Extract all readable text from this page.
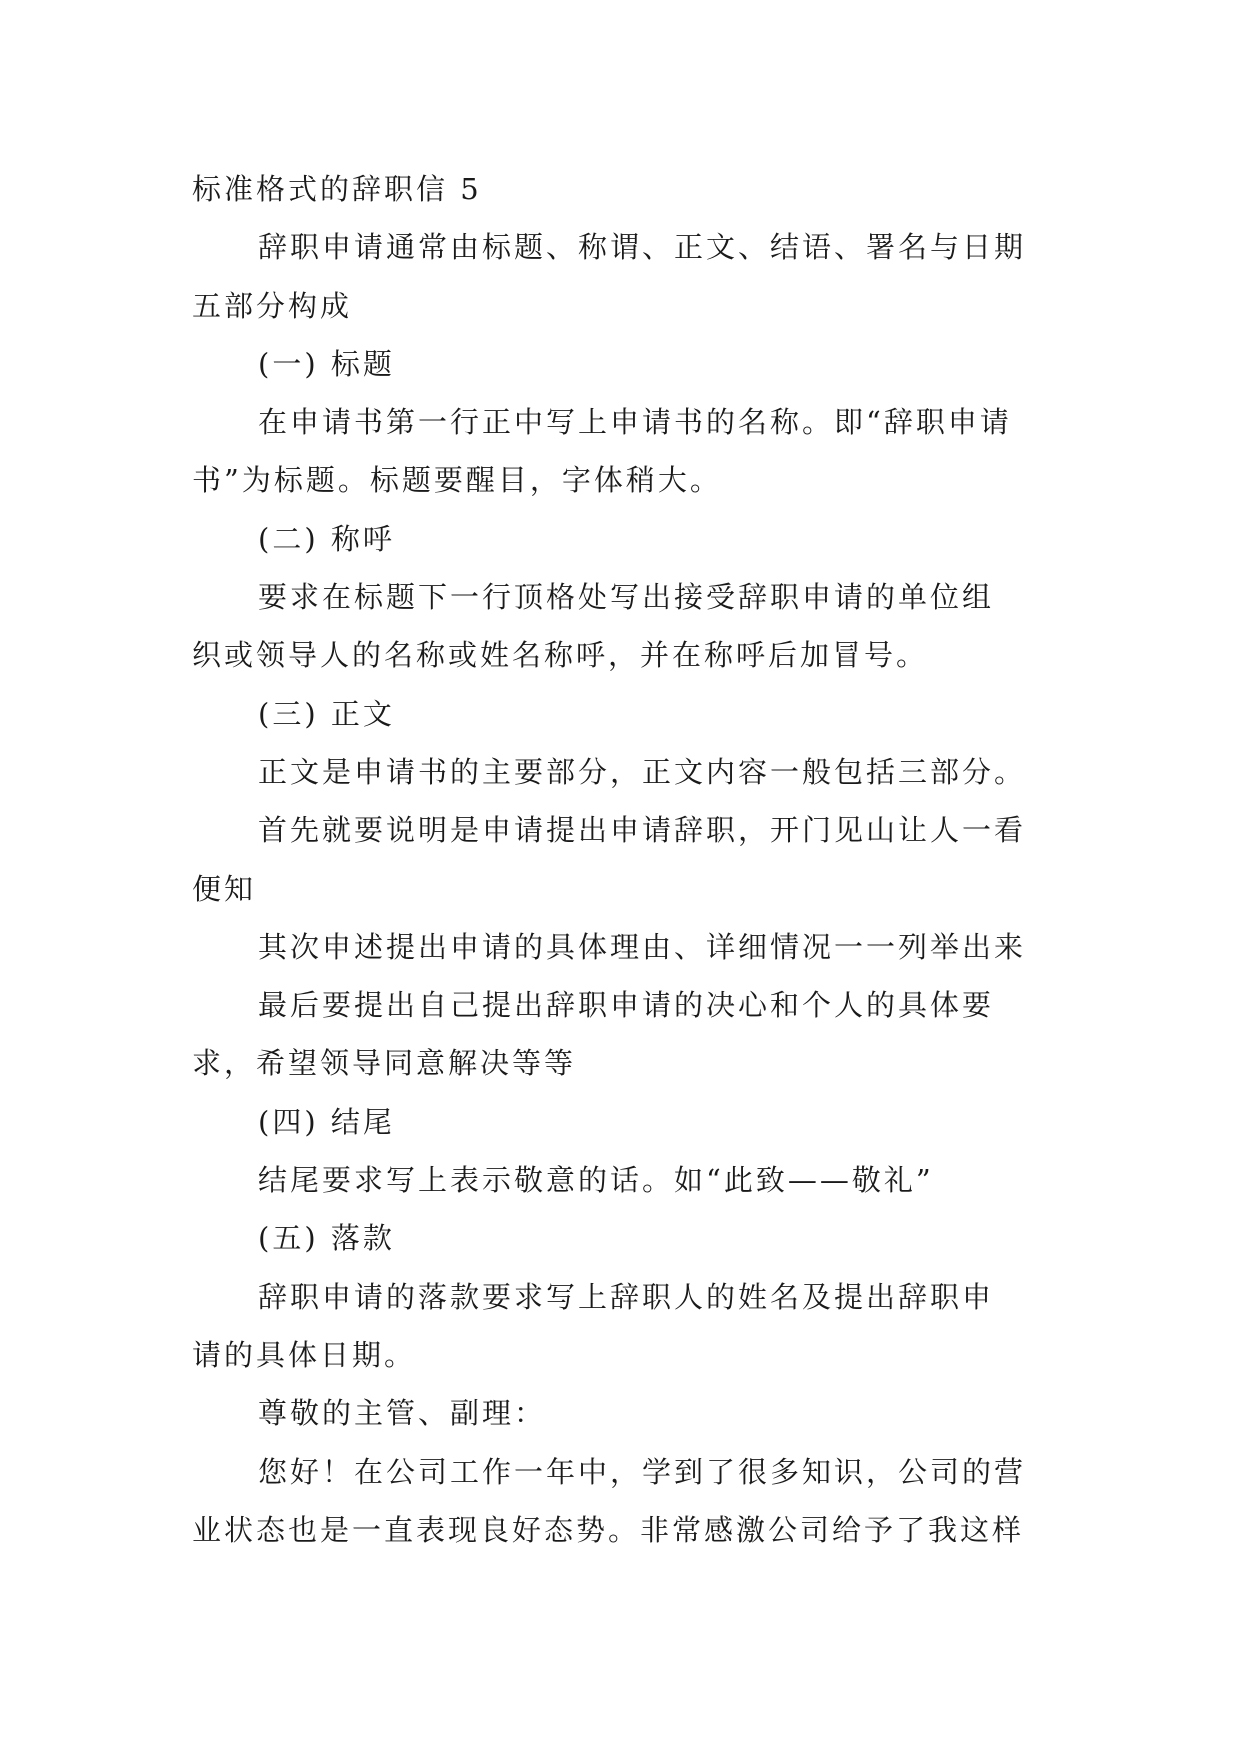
标准格式的辞职信 5
辞职申请通常由标题、称谓、正文、结语、署名与日期
五部分构成
(一) 标题
在申请书第一行正中写上申请书的名称。即“辞职申请
书”为标题。标题要醒目，字体稍大。
(二) 称呼
要求在标题下一行顶格处写出接受辞职申请的单位组
织或领导人的名称或姓名称呼，并在称呼后加冒号。
(三) 正文
正文是申请书的主要部分，正文内容一般包括三部分。
首先就要说明是申请提出申请辞职，开门见山让人一看
便知
其次申述提出申请的具体理由、详细情况一一列举出来
最后要提出自己提出辞职申请的决心和个人的具体要
求，希望领导同意解决等等
(四) 结尾
结尾要求写上表示敬意的话。如“此致——敬礼”
(五) 落款
辞职申请的落款要求写上辞职人的姓名及提出辞职申
请的具体日期。
尊敬的主管、副理：
您好！在公司工作一年中，学到了很多知识，公司的营
业状态也是一直表现良好态势。非常感激公司给予了我这样
